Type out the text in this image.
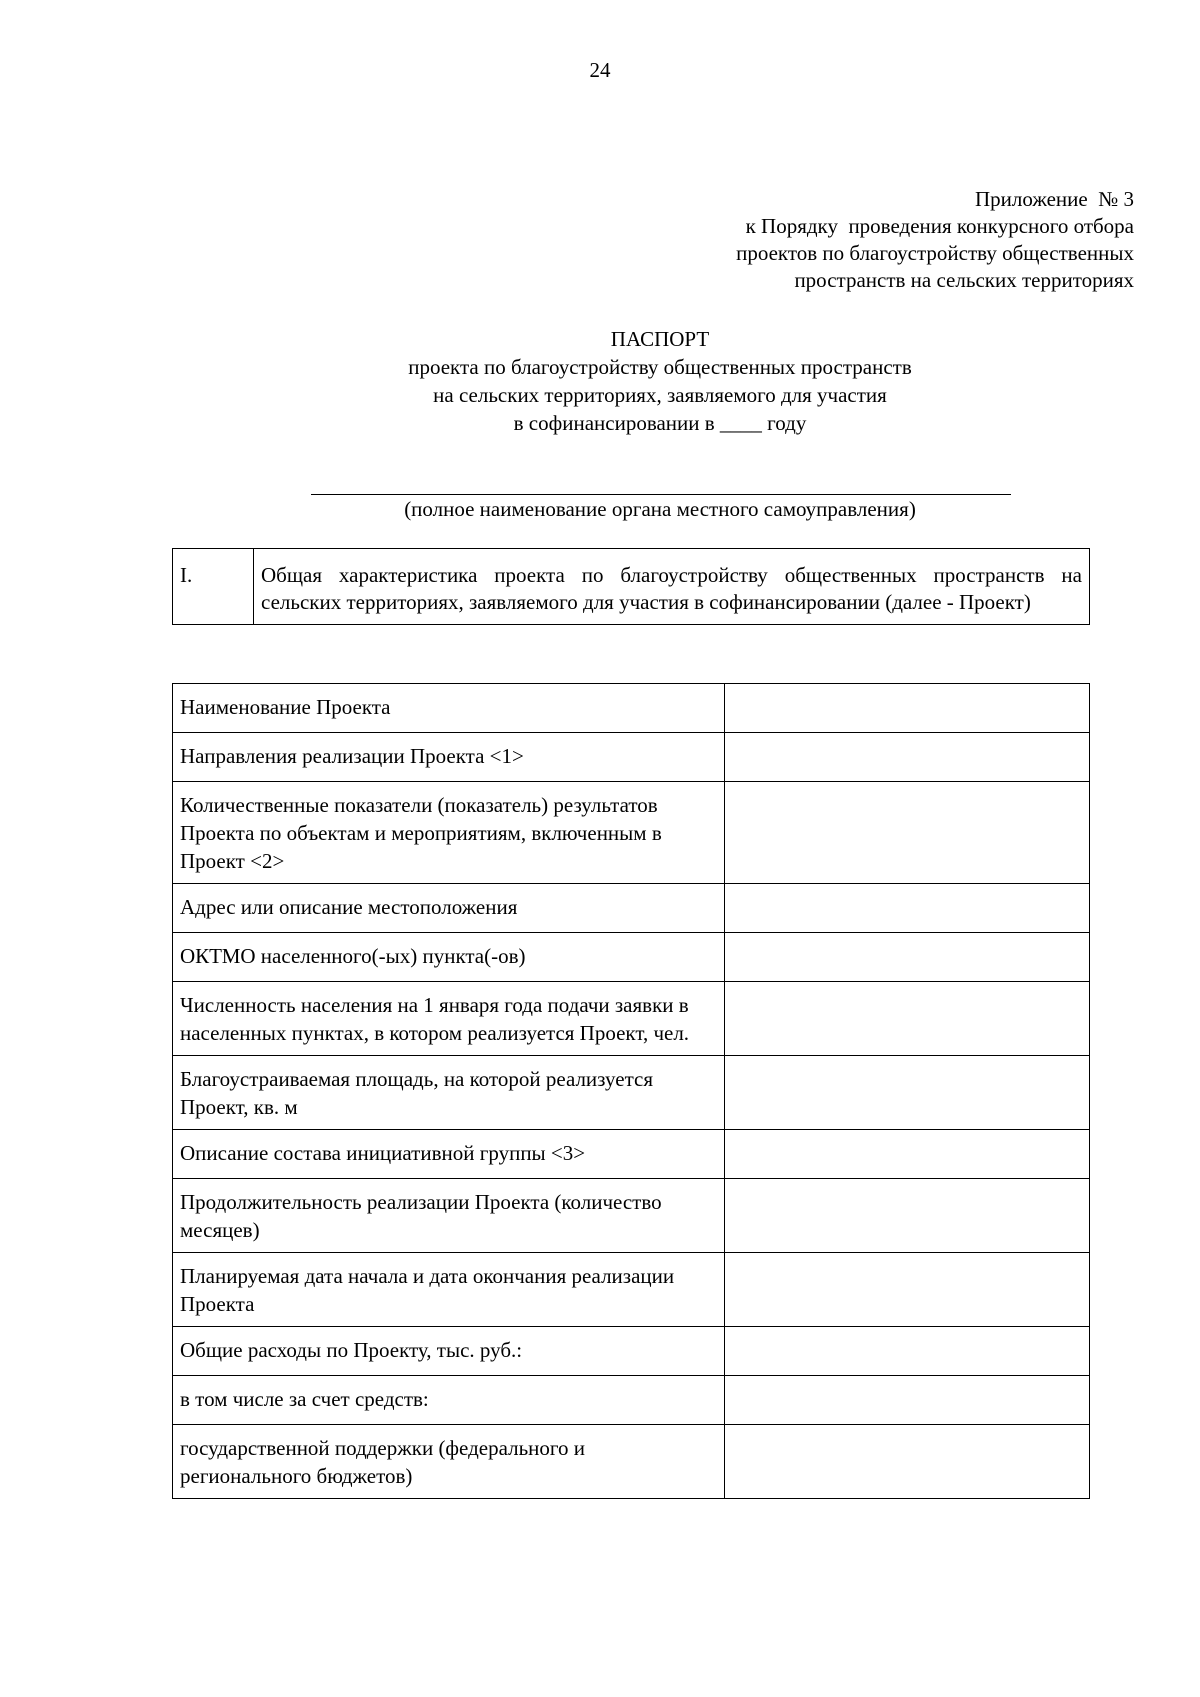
24
Приложение  № 3
к Порядку  проведения конкурсного отбора
проектов по благоустройству общественных
пространств на сельских территориях
ПАСПОРТ
проекта по благоустройству общественных пространств
на сельских территориях, заявляемого для участия
в софинансировании в ____ году
(полное наименование органа местного самоуправления)
I.	Общая характеристика проекта по благоустройству общественных пространств на сельских территориях, заявляемого для участия в софинансировании (далее - Проект)
Наименование Проекта	
Направления реализации Проекта <1>	
Количественные показатели (показатель) результатов Проекта по объектам и мероприятиям, включенным в Проект <2>	
Адрес или описание местоположения	
ОКТМО населенного(-ых) пункта(-ов)	
Численность населения на 1 января года подачи заявки в населенных пунктах, в котором реализуется Проект, чел.	
Благоустраиваемая площадь, на которой реализуется Проект, кв. м	
Описание состава инициативной группы <3>	
Продолжительность реализации Проекта (количество месяцев)	
Планируемая дата начала и дата окончания реализации Проекта	
Общие расходы по Проекту, тыс. руб.:	
в том числе за счет средств:	
государственной поддержки (федерального и регионального бюджетов)	
